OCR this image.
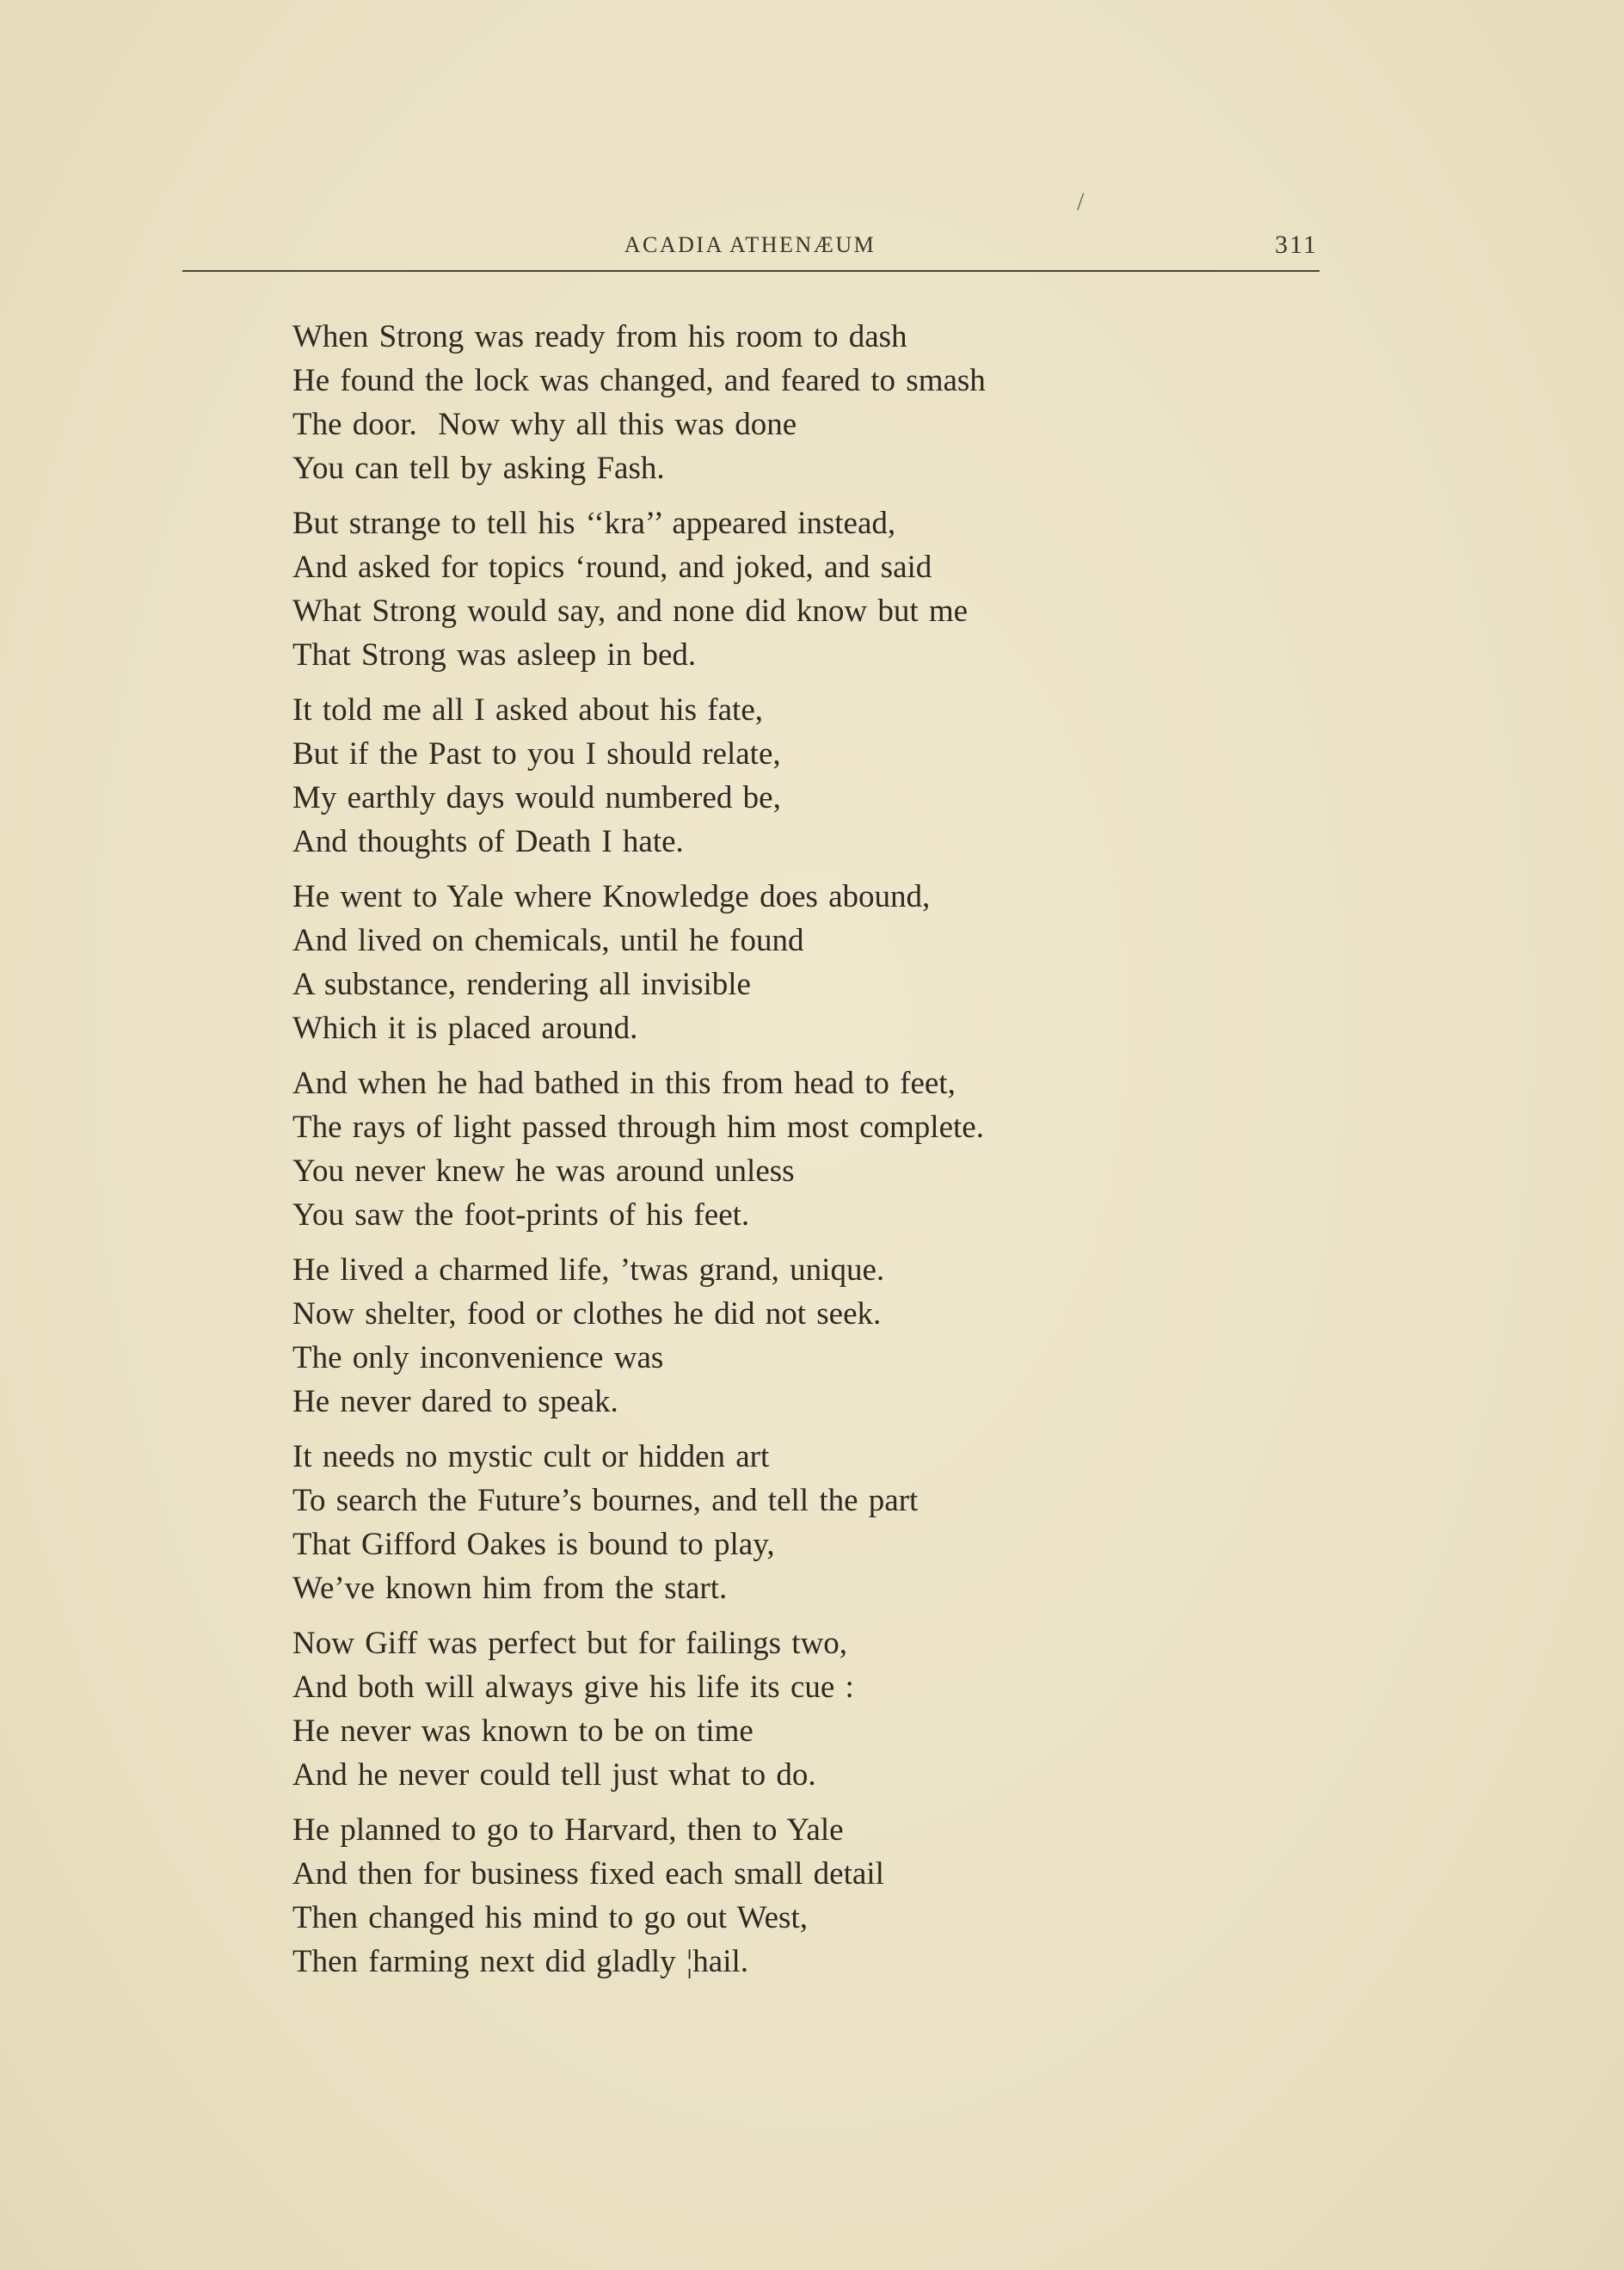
/
ACADIA ATHENÆUM	311
When Strong was ready from his room to dash
He found the lock was changed, and feared to smash
The door.  Now why all this was done
You can tell by asking Fash.
But strange to tell his ‘‘kra’’ appeared instead,
And asked for topics ‘round, and joked, and said
What Strong would say, and none did know but me
That Strong was asleep in bed.
It told me all I asked about his fate,
But if the Past to you I should relate,
My earthly days would numbered be,
And thoughts of Death I hate.
He went to Yale where Knowledge does abound,
And lived on chemicals, until he found
A substance, rendering all invisible
Which it is placed around.
And when he had bathed in this from head to feet,
The rays of light passed through him most complete.
You never knew he was around unless
You saw the foot-prints of his feet.
He lived a charmed life, ’twas grand, unique.
Now shelter, food or clothes he did not seek.
The only inconvenience was
He never dared to speak.
It needs no mystic cult or hidden art
To search the Future’s bournes, and tell the part
That Gifford Oakes is bound to play,
We’ve known him from the start.
Now Giff was perfect but for failings two,
And both will always give his life its cue :
He never was known to be on time
And he never could tell just what to do.
He planned to go to Harvard, then to Yale
And then for business fixed each small detail
Then changed his mind to go out West,
Then farming next did gladly ¦hail.
